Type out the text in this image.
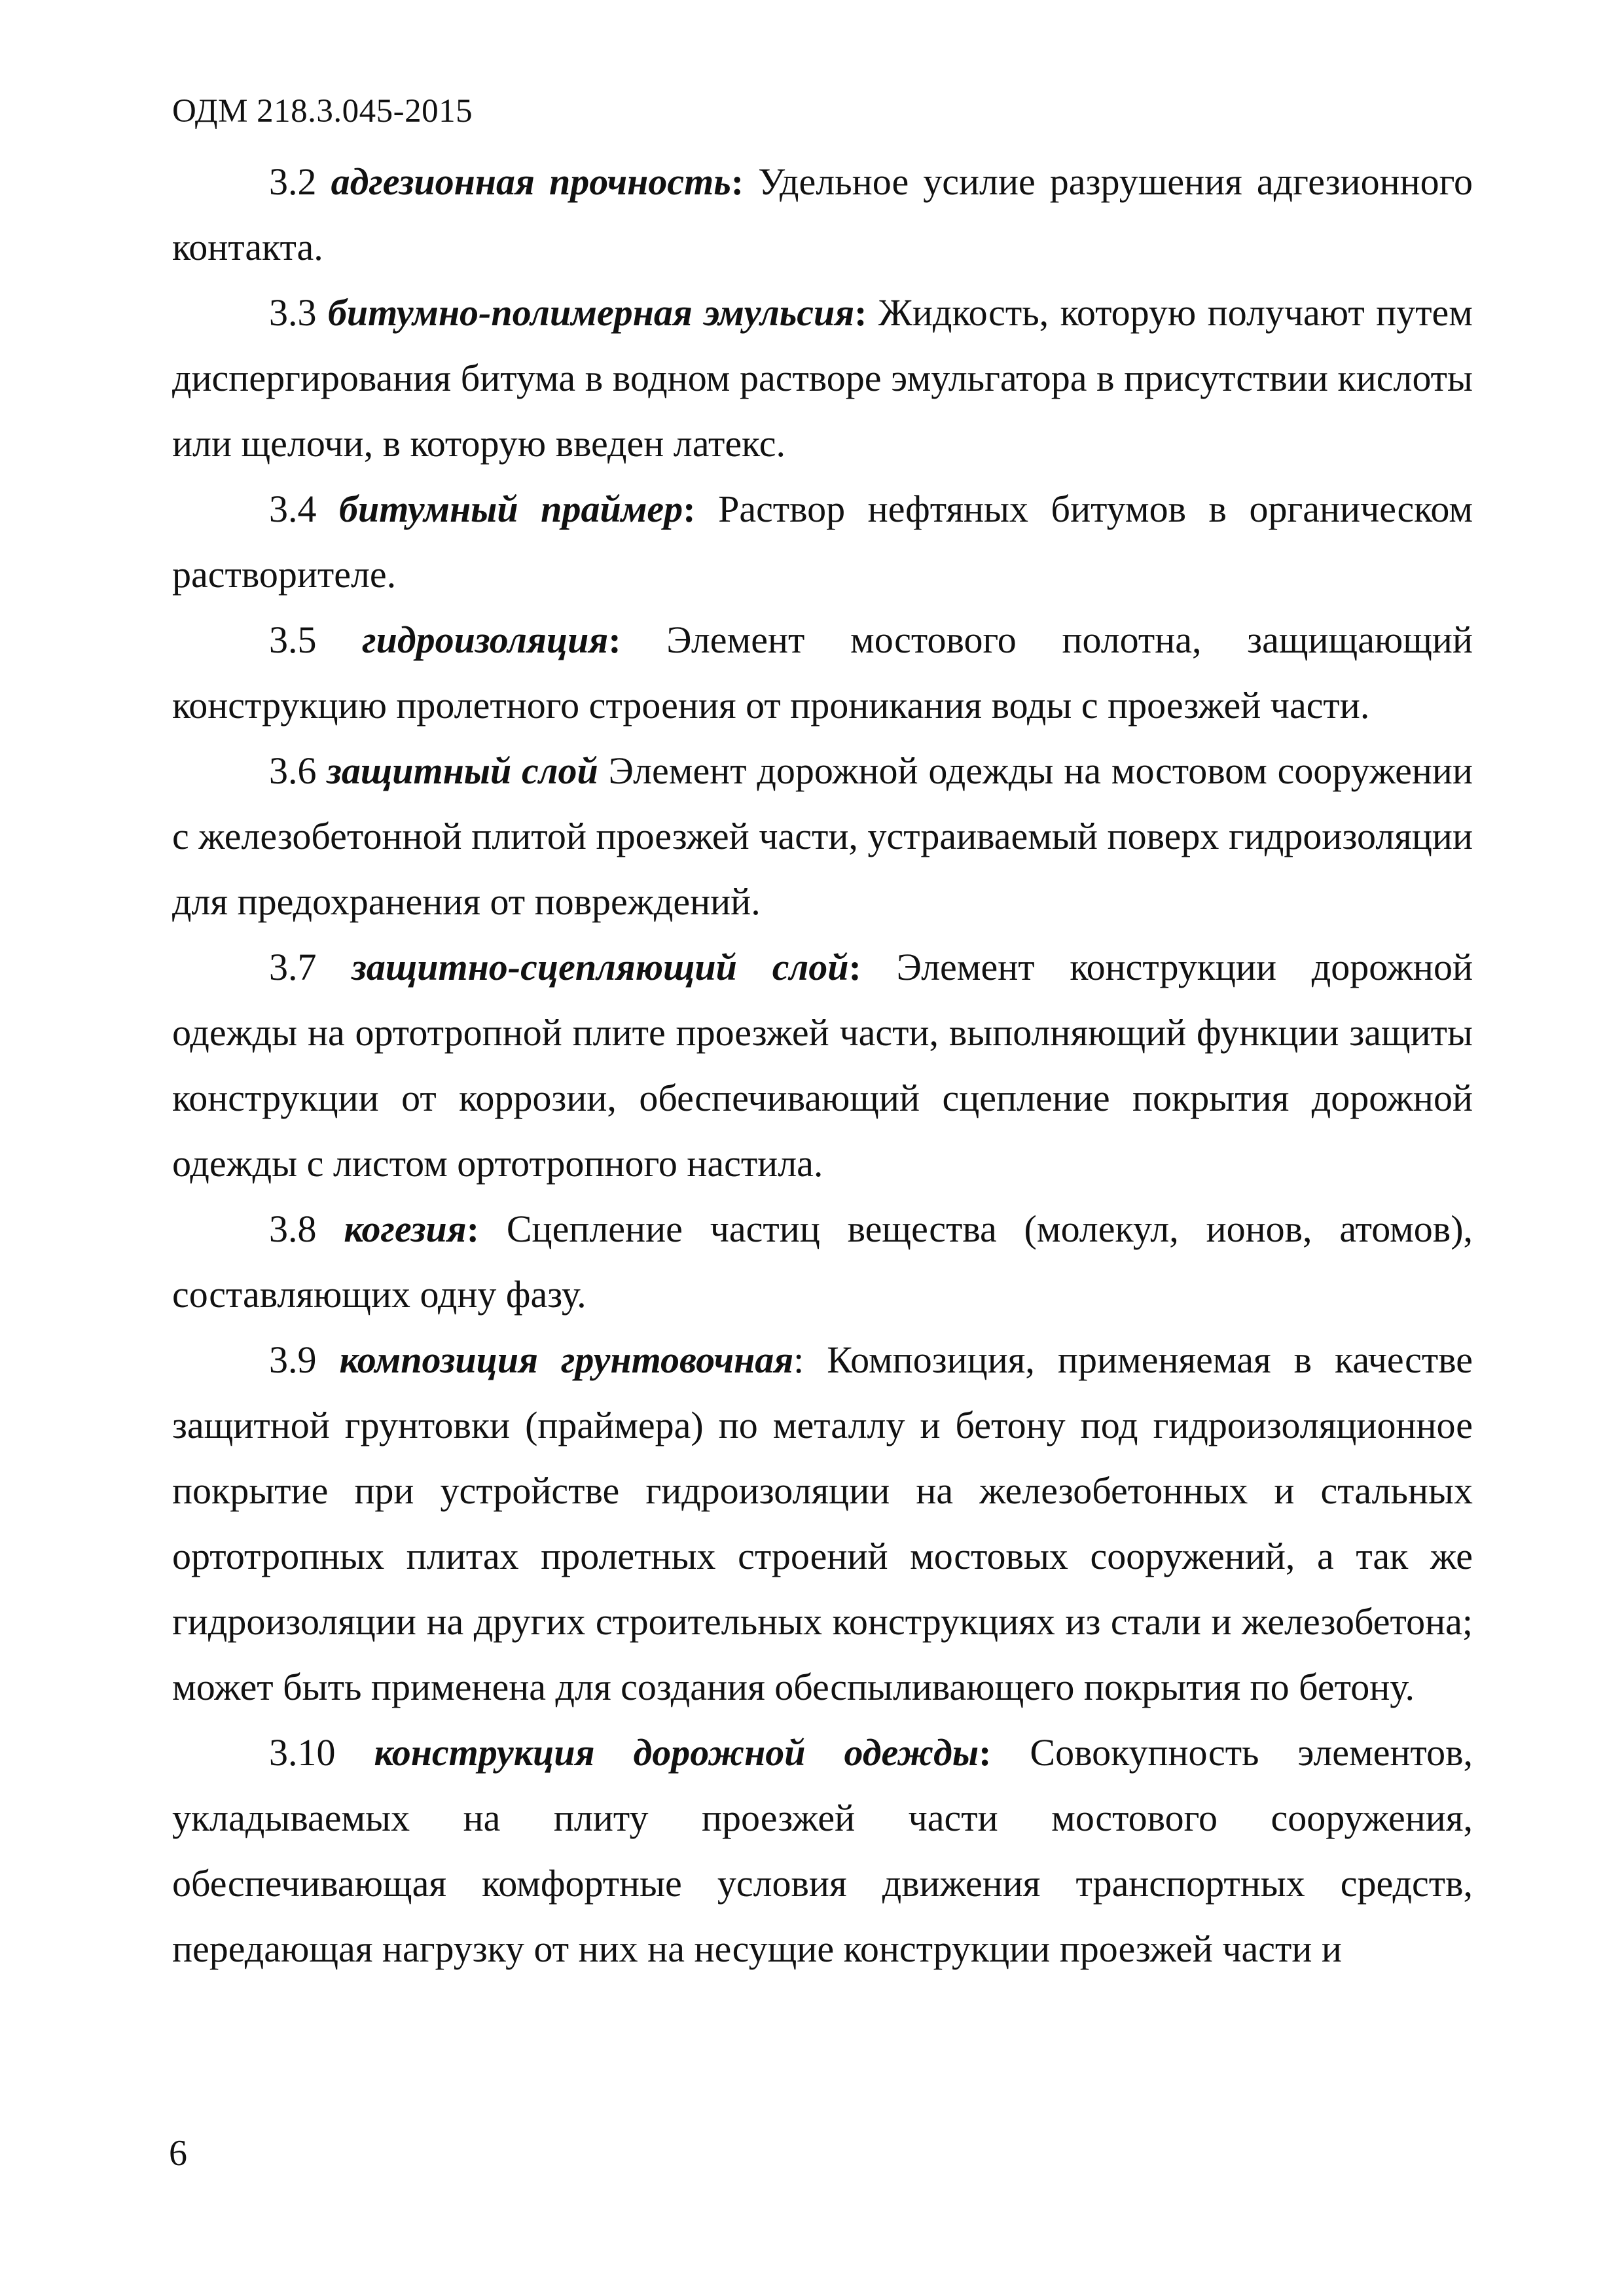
ОДМ 218.3.045-2015

3.2 адгезионная прочность: Удельное усилие разрушения адгезионного контакта.

3.3 битумно-полимерная эмульсия: Жидкость, которую получают путем диспергирования битума в водном растворе эмульгатора в присутствии кислоты или щелочи, в которую введен латекс.

3.4 битумный праймер: Раствор нефтяных битумов в органическом растворителе.

3.5 гидроизоляция: Элемент мостового полотна, защищающий конструкцию пролетного строения от проникания воды с проезжей части.

3.6 защитный слой Элемент дорожной одежды на мостовом сооружении с железобетонной плитой проезжей части, устраиваемый поверх гидроизоляции для предохранения от повреждений.

3.7 защитно-сцепляющий слой: Элемент конструкции дорожной одежды на ортотропной плите проезжей части, выполняющий функции защиты конструкции от коррозии, обеспечивающий сцепление покрытия дорожной одежды с листом ортотропного настила.

3.8 когезия: Сцепление частиц вещества (молекул, ионов, атомов), составляющих одну фазу.

3.9 композиция грунтовочная: Композиция, применяемая в качестве защитной грунтовки (праймера) по металлу и бетону под гидроизоляционное покрытие при устройстве гидроизоляции на железобетонных и стальных ортотропных плитах пролетных строений мостовых сооружений, а так же гидроизоляции на других строительных конструкциях из стали и железобетона; может быть применена для создания обеспыливающего покрытия по бетону.

3.10 конструкция дорожной одежды: Совокупность элементов, укладываемых на плиту проезжей части мостового сооружения, обеспечивающая комфортные условия движения транспортных средств, передающая нагрузку от них на несущие конструкции проезжей части и

6
